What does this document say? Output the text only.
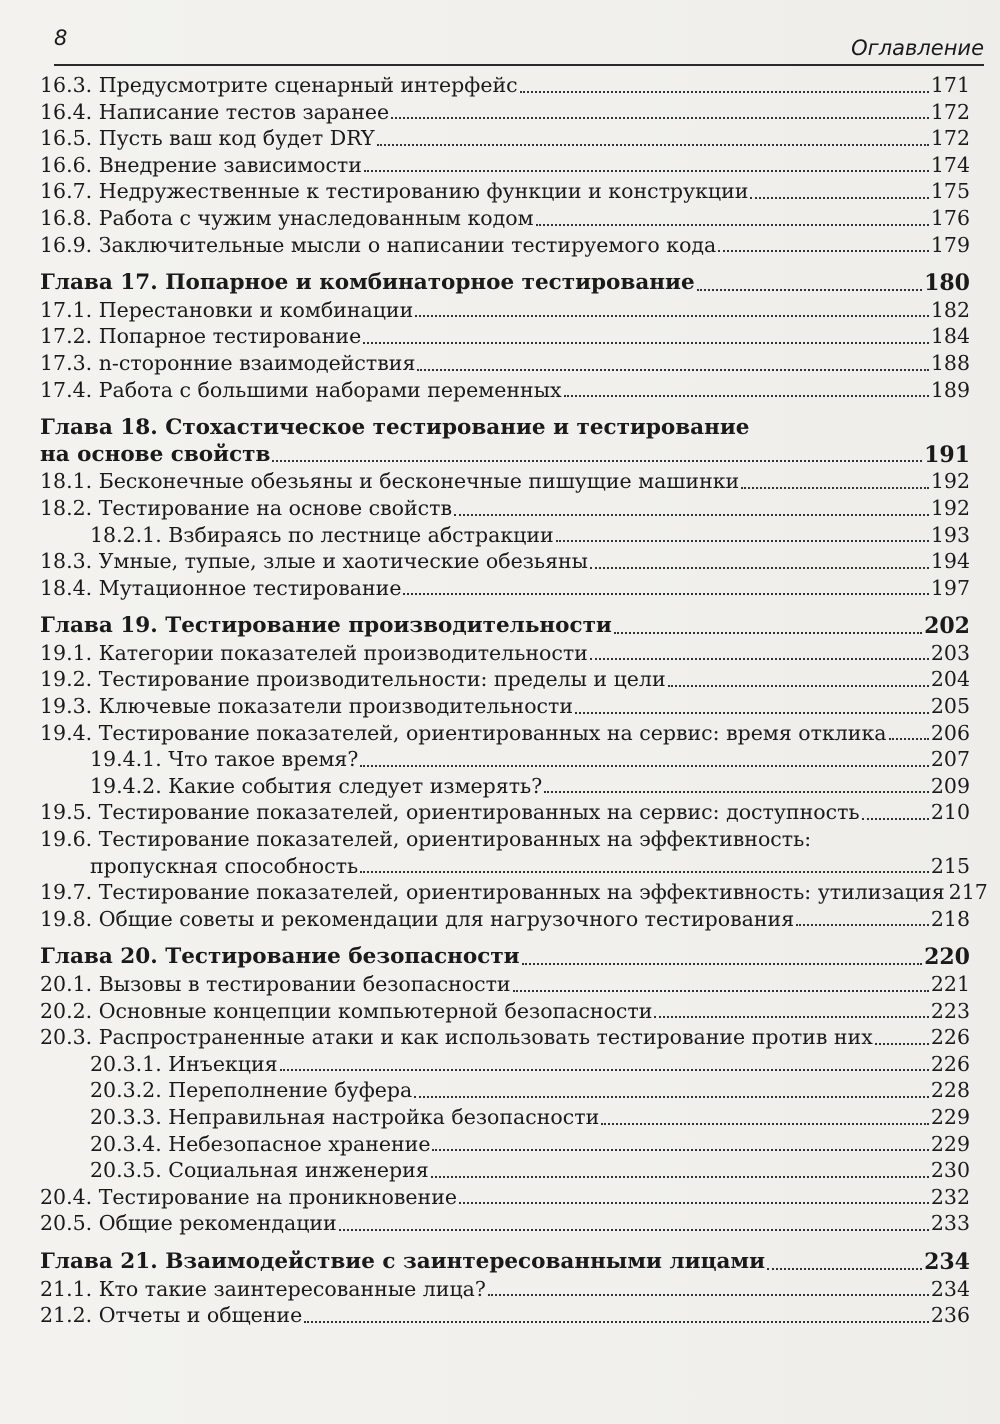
8	Оглавление
16.3. Предусмотрите сценарный интерфейс	171
16.4. Написание тестов заранее	172
16.5. Пусть ваш код будет DRY	172
16.6. Внедрение зависимости	174
16.7. Недружественные к тестированию функции и конструкции	175
16.8. Работа с чужим унаследованным кодом	176
16.9. Заключительные мысли о написании тестируемого кода	179
Глава 17. Попарное и комбинаторное тестирование	180
17.1. Перестановки и комбинации	182
17.2. Попарное тестирование	184
17.3. n-сторонние взаимодействия	188
17.4. Работа с большими наборами переменных	189
Глава 18. Стохастическое тестирование и тестирование
на основе свойств	191
18.1. Бесконечные обезьяны и бесконечные пишущие машинки	192
18.2. Тестирование на основе свойств	192
18.2.1. Взбираясь по лестнице абстракции	193
18.3. Умные, тупые, злые и хаотические обезьяны	194
18.4. Мутационное тестирование	197
Глава 19. Тестирование производительности	202
19.1. Категории показателей производительности	203
19.2. Тестирование производительности: пределы и цели	204
19.3. Ключевые показатели производительности	205
19.4. Тестирование показателей, ориентированных на сервис: время отклика 206
19.4.1. Что такое время?	207
19.4.2. Какие события следует измерять?	209
19.5. Тестирование показателей, ориентированных на сервис: доступность	210
19.6. Тестирование показателей, ориентированных на эффективность:
пропускная способность	215
19.7. Тестирование показателей, ориентированных на эффективность: утилизация 217
19.8. Общие советы и рекомендации для нагрузочного тестирования	218
Глава 20. Тестирование безопасности	220
20.1. Вызовы в тестировании безопасности	221
20.2. Основные концепции компьютерной безопасности	223
20.3. Распространенные атаки и как использовать тестирование против них	226
20.3.1. Инъекция	226
20.3.2. Переполнение буфера	228
20.3.3. Неправильная настройка безопасности	229
20.3.4. Небезопасное хранение	229
20.3.5. Социальная инженерия	230
20.4. Тестирование на проникновение	232
20.5. Общие рекомендации	233
Глава 21. Взаимодействие с заинтересованными лицами	234
21.1. Кто такие заинтересованные лица?	234
21.2. Отчеты и общение	236
